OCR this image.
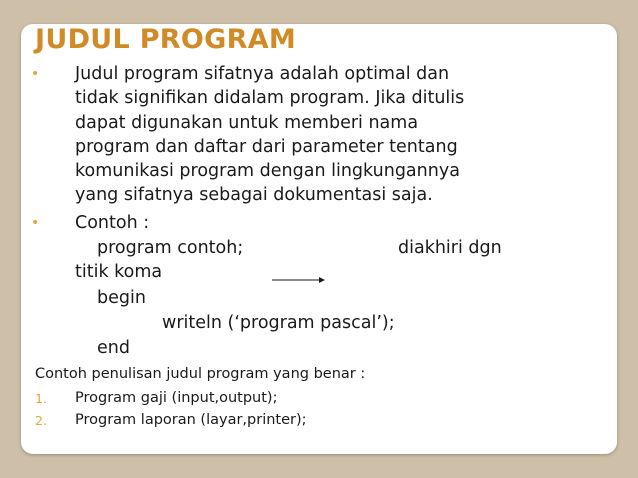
JUDUL PROGRAM
• Judul program sifatnya adalah optimal dan
tidak signifikan didalam program. Jika ditulis
dapat digunakan untuk memberi nama
program dan daftar dari parameter tentang
komunikasi program dengan lingkungannya
yang sifatnya sebagai dokumentasi saja.
• Contoh :
program contoh;	diakhiri dgn
titik koma
begin
writeln (‘program pascal’);
end
Contoh penulisan judul program yang benar :
1. Program gaji (input,output);
2. Program laporan (layar,printer);
